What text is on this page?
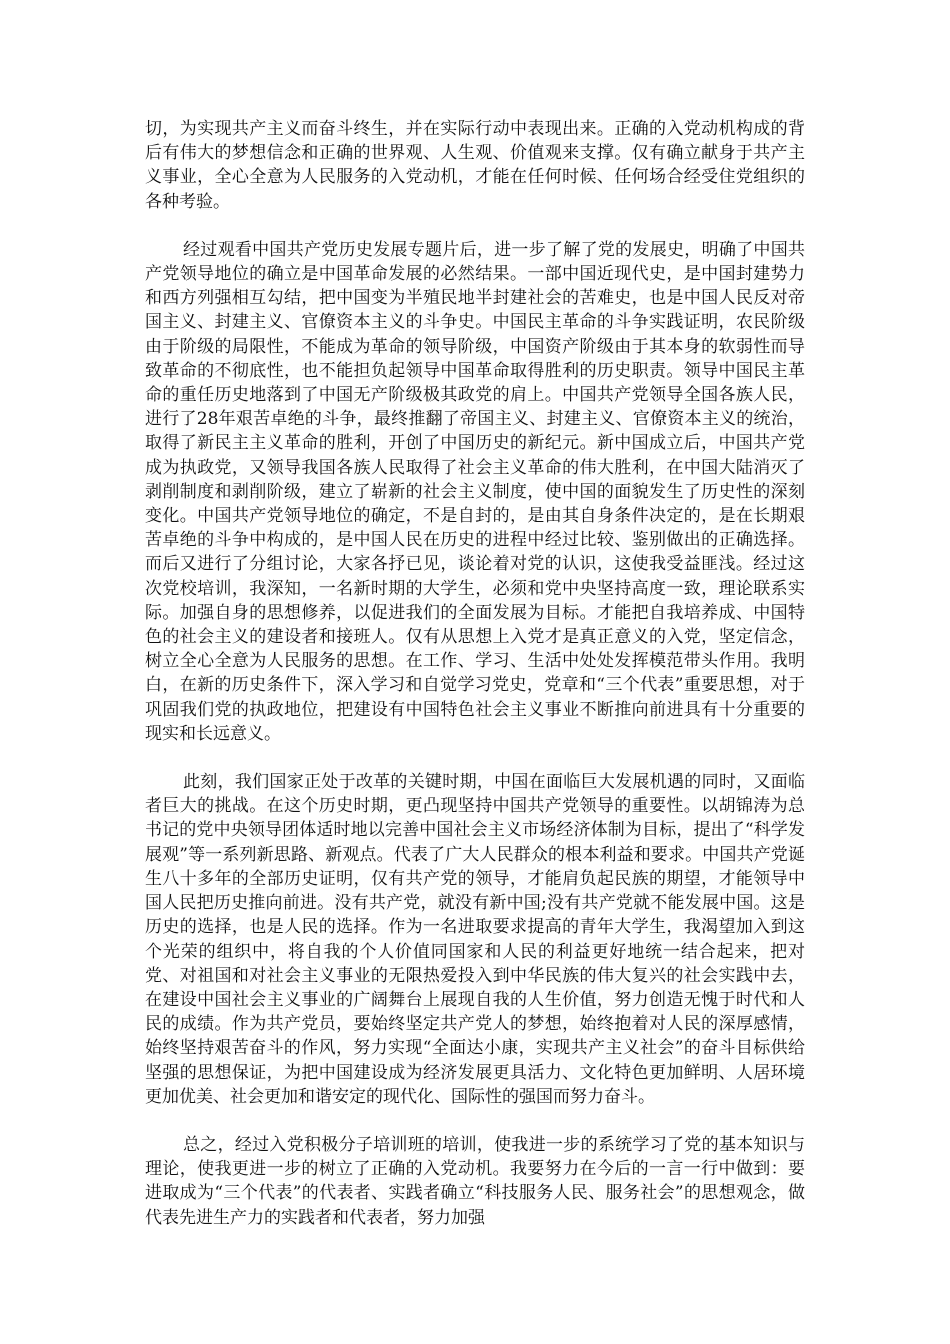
切，为实现共产主义而奋斗终生，并在实际行动中表现出来。正确的入党动机构成的背后有伟大的梦想信念和正确的世界观、人生观、价值观来支撑。仅有确立献身于共产主义事业，全心全意为人民服务的入党动机，才能在任何时候、任何场合经受住党组织的各种考验。

经过观看中国共产党历史发展专题片后，进一步了解了党的发展史，明确了中国共产党领导地位的确立是中国革命发展的必然结果。一部中国近现代史，是中国封建势力和西方列强相互勾结，把中国变为半殖民地半封建社会的苦难史，也是中国人民反对帝国主义、封建主义、官僚资本主义的斗争史。中国民主革命的斗争实践证明，农民阶级由于阶级的局限性，不能成为革命的领导阶级，中国资产阶级由于其本身的软弱性而导致革命的不彻底性，也不能担负起领导中国革命取得胜利的历史职责。领导中国民主革命的重任历史地落到了中国无产阶级极其政党的肩上。中国共产党领导全国各族人民，进行了28年艰苦卓绝的斗争，最终推翻了帝国主义、封建主义、官僚资本主义的统治，取得了新民主主义革命的胜利，开创了中国历史的新纪元。新中国成立后，中国共产党成为执政党，又领导我国各族人民取得了社会主义革命的伟大胜利，在中国大陆消灭了剥削制度和剥削阶级，建立了崭新的社会主义制度，使中国的面貌发生了历史性的深刻变化。中国共产党领导地位的确定，不是自封的，是由其自身条件决定的，是在长期艰苦卓绝的斗争中构成的，是中国人民在历史的进程中经过比较、鉴别做出的正确选择。而后又进行了分组讨论，大家各抒已见，谈论着对党的认识，这使我受益匪浅。经过这次党校培训，我深知，一名新时期的大学生，必须和党中央坚持高度一致，理论联系实际。加强自身的思想修养，以促进我们的全面发展为目标。才能把自我培养成、中国特色的社会主义的建设者和接班人。仅有从思想上入党才是真正意义的入党，坚定信念，树立全心全意为人民服务的思想。在工作、学习、生活中处处发挥模范带头作用。我明白，在新的历史条件下，深入学习和自觉学习党史，党章和“三个代表”重要思想，对于巩固我们党的执政地位，把建设有中国特色社会主义事业不断推向前进具有十分重要的现实和长远意义。

此刻，我们国家正处于改革的关键时期，中国在面临巨大发展机遇的同时，又面临者巨大的挑战。在这个历史时期，更凸现坚持中国共产党领导的重要性。以胡锦涛为总书记的党中央领导团体适时地以完善中国社会主义市场经济体制为目标，提出了“科学发展观”等一系列新思路、新观点。代表了广大人民群众的根本利益和要求。中国共产党诞生八十多年的全部历史证明，仅有共产党的领导，才能肩负起民族的期望，才能领导中国人民把历史推向前进。没有共产党，就没有新中国;没有共产党就不能发展中国。这是历史的选择，也是人民的选择。作为一名进取要求提高的青年大学生，我渴望加入到这个光荣的组织中，将自我的个人价值同国家和人民的利益更好地统一结合起来，把对党、对祖国和对社会主义事业的无限热爱投入到中华民族的伟大复兴的社会实践中去，在建设中国社会主义事业的广阔舞台上展现自我的人生价值，努力创造无愧于时代和人民的成绩。作为共产党员，要始终坚定共产党人的梦想，始终抱着对人民的深厚感情，始终坚持艰苦奋斗的作风，努力实现“全面达小康，实现共产主义社会”的奋斗目标供给坚强的思想保证，为把中国建设成为经济发展更具活力、文化特色更加鲜明、人居环境更加优美、社会更加和谐安定的现代化、国际性的强国而努力奋斗。

总之，经过入党积极分子培训班的培训，使我进一步的系统学习了党的基本知识与理论，使我更进一步的树立了正确的入党动机。我要努力在今后的一言一行中做到：要进取成为“三个代表”的代表者、实践者确立“科技服务人民、服务社会”的思想观念，做代表先进生产力的实践者和代表者，努力加强
